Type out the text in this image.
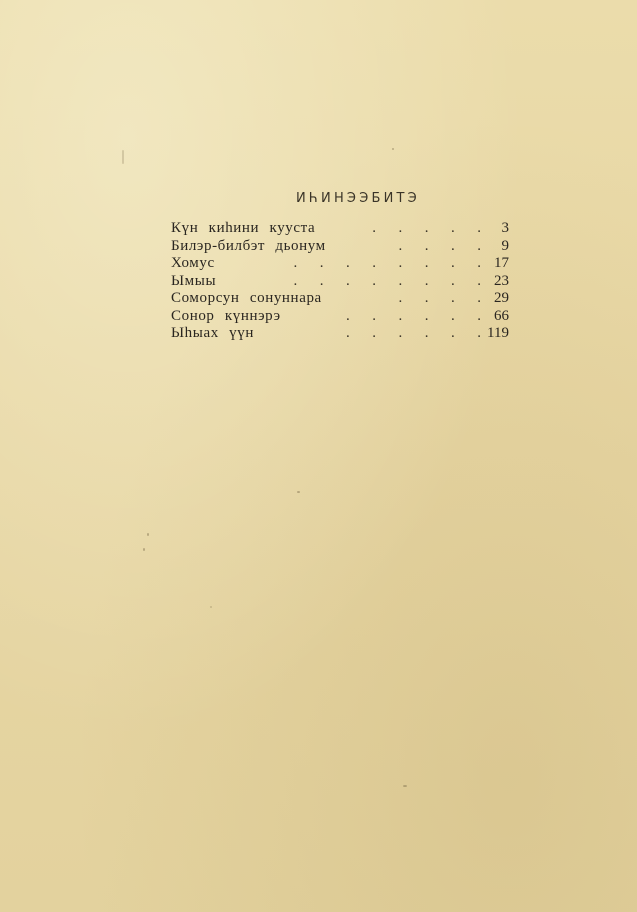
ИҺИНЭЭБИТЭ
Күн киһини кууста	.  .  .  .  . 3
Билэр-билбэт дьонум	.  .  .  . 9
Хомус	.  .  .  .  .  .  .  . 17
Ымыы	.  .  .  .  .  .  .  . 23
Соморсун сонуннара	.  .  .  . 29
Сонор күннэрэ	.  .  .  .  .  . 66
Ыһыах үүн	.  .  .  .  .  . 119
